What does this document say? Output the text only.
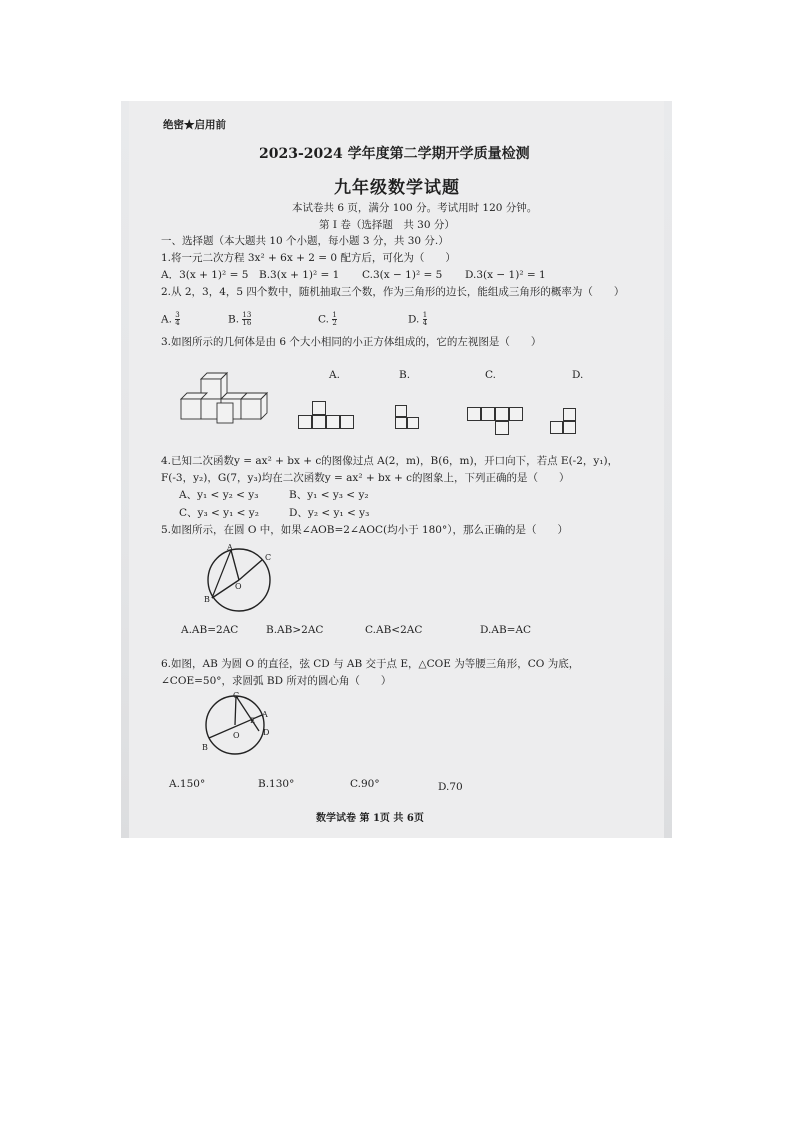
绝密★启用前
2023-2024 学年度第二学期开学质量检测
九年级数学试题
本试卷共 6 页，满分 100 分。考试用时 120 分钟。
第 I 卷（选择题　共 30 分）
一、选择题（本大题共 10 个小题，每小题 3 分，共 30 分.）
1.将一元二次方程 3x² + 6x + 2 = 0 配方后，可化为（　　）
A．3(x + 1)² = 5 B.3(x + 1)² = 1 C.3(x − 1)² = 5 D.3(x − 1)² = 1
2.从 2，3，4，5 四个数中，随机抽取三个数，作为三角形的边长，能组成三角形的概率为（　　）
A. $\frac{3}{4}$	B. $\frac{13}{16}$	C. $\frac{1}{2}$	D. $\frac{1}{4}$
3.如图所示的几何体是由 6 个大小相同的小正方体组成的，它的左视图是（　　）
A.	B.	C.	D.
4.已知二次函数y = ax² + bx + c的图像过点 A(2，m)，B(6，m)，开口向下，若点 E(-2，y₁)，
F(-3，y₂)，G(7，y₃)均在二次函数y = ax² + bx + c的图象上，下列正确的是（　　）
A、y₁ < y₂ < y₃	B、y₁ < y₃ < y₂
C、y₃ < y₁ < y₂	D、y₂ < y₁ < y₃
5.如图所示，在圆 O 中，如果∠AOB=2∠AOC(均小于 180°），那么正确的是（　　）
A
C
O
B
A.AB=2AC	B.AB>2AC	C.AB<2AC	D.AB=AC
6.如图，AB 为圆 O 的直径，弦 CD 与 AB 交于点 E，△COE 为等腰三角形，CO 为底，
∠COE=50°，求圆弧 BD 所对的圆心角（　　）
C
E
A
O	D
B
A.150°	B.130°	C.90°	D.70
数学试卷 第 1页 共 6页
